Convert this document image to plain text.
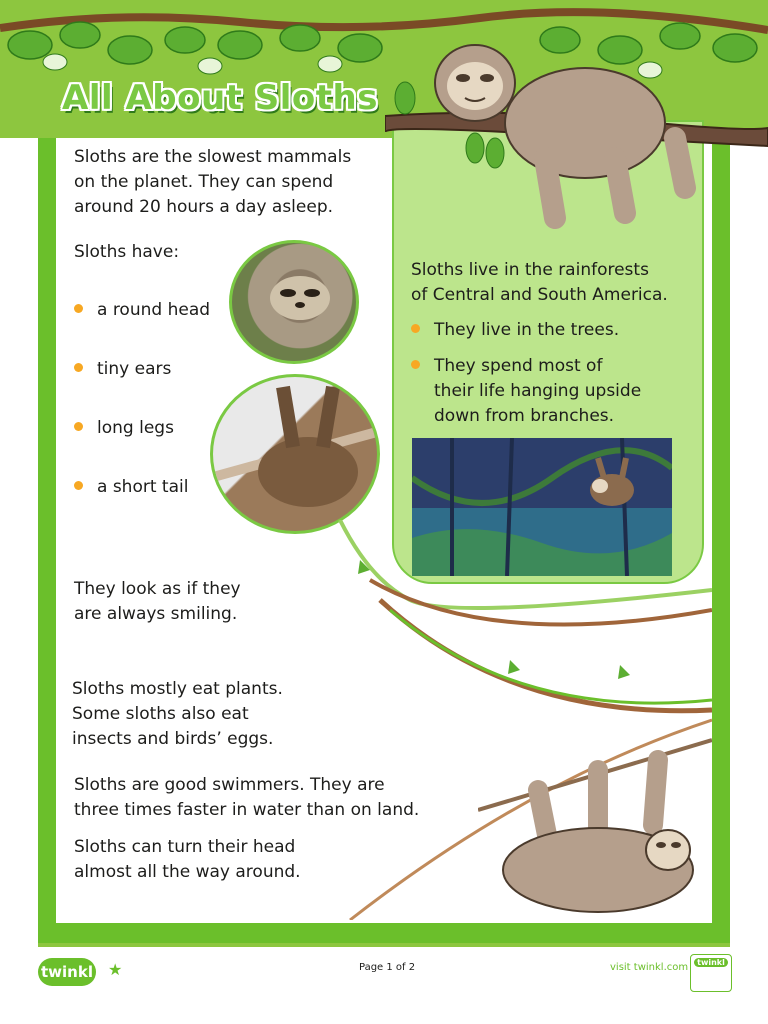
All About Sloths
Sloths are the slowest mammals
on the planet. They can spend
around 20 hours a day asleep.
Sloths have:
a round head
tiny ears
long legs
a short tail
Sloths live in the rainforests
of Central and South America.
They live in the trees.
They spend most of
their life hanging upside
down from branches.
They look as if they
are always smiling.
Sloths mostly eat plants.
Some sloths also eat
insects and birds’ eggs.
Sloths are good swimmers. They are
three times faster in water than on land.
Sloths can turn their head
almost all the way around.
twinkl ★	Page 1 of 2	visit twinkl.com	twinkl
